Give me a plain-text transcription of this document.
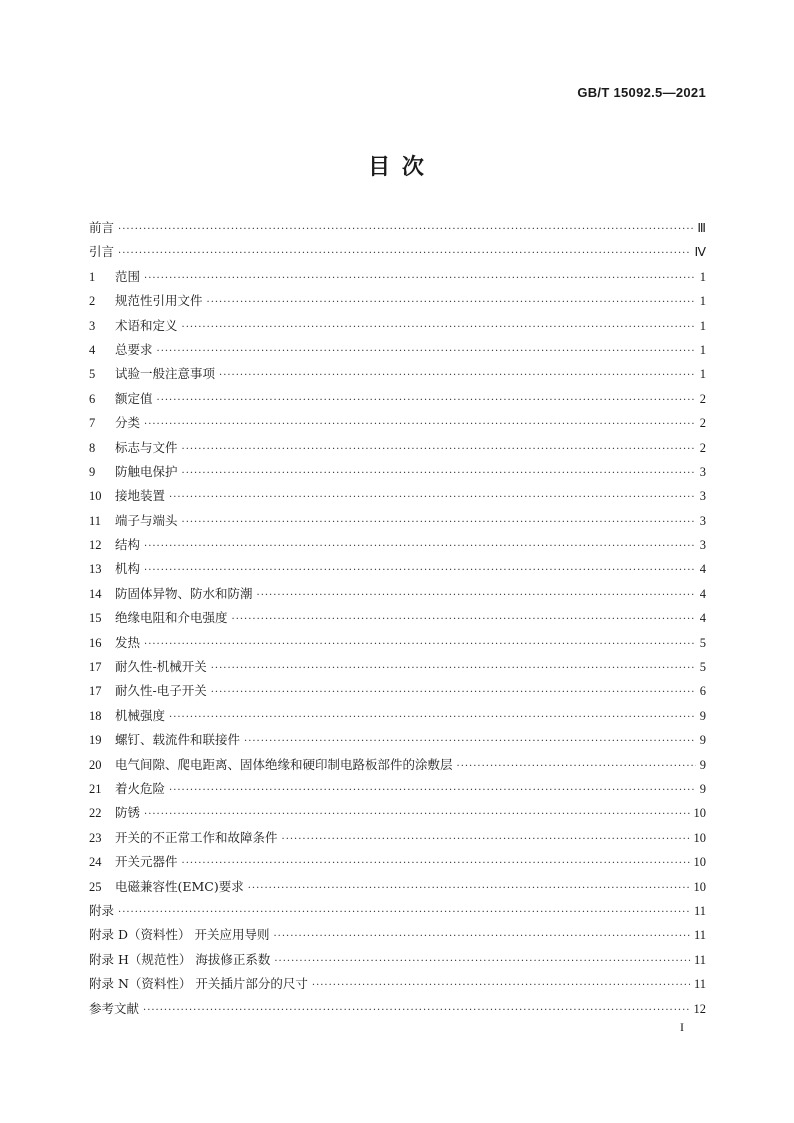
GB/T 15092.5—2021
目 次
前言 ·····	Ⅲ
引言 ·····	Ⅳ
1	范围 ·····	1
2	规范性引用文件 ·····	1
3	术语和定义 ·····	1
4	总要求 ·····	1
5	试验一般注意事项 ·····	1
6	额定值 ·····	2
7	分类 ·····	2
8	标志与文件 ·····	2
9	防触电保护 ·····	3
10	接地装置 ·····	3
11	端子与端头 ·····	3
12	结构 ·····	3
13	机构 ·····	4
14	防固体异物、防水和防潮 ·····	4
15	绝缘电阻和介电强度 ·····	4
16	发热 ·····	5
17	耐久性-机械开关 ·····	5
17	耐久性-电子开关 ·····	6
18	机械强度 ·····	9
19	螺钉、载流件和联接件 ·····	9
20	电气间隙、爬电距离、固体绝缘和硬印制电路板部件的涂敷层 ·····	9
21	着火危险 ·····	9
22	防锈 ·····	10
23	开关的不正常工作和故障条件 ·····	10
24	开关元器件 ·····	10
25	电磁兼容性(EMC)要求 ·····	10
附录 ·····	11
附录 D（资料性） 开关应用导则 ·····	11
附录 H（规范性） 海拔修正系数 ·····	11
附录 N（资料性） 开关插片部分的尺寸 ·····	11
参考文献 ·····	12
I
